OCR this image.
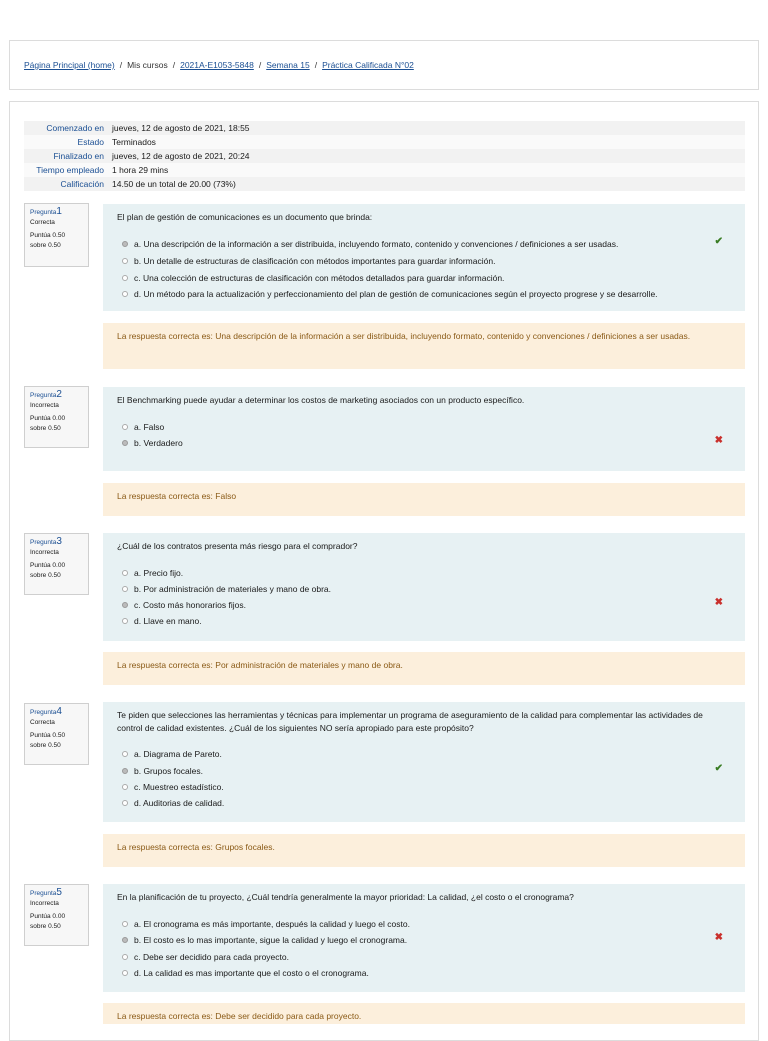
Página Principal (home) / Mis cursos / 2021A-E1053-5848 / Semana 15 / Práctica Calificada N°02
Comenzado en jueves, 12 de agosto de 2021, 18:55
Estado Terminados
Finalizado en jueves, 12 de agosto de 2021, 20:24
Tiempo empleado 1 hora 29 mins
Calificación 14.50 de un total de 20.00 (73%)
Pregunta1
Correcta
Puntúa 0.50
sobre 0.50
El plan de gestión de comunicaciones es un documento que brinda:
a. Una descripción de la información a ser distribuida, incluyendo formato, contenido y convenciones / definiciones a ser usadas.
b. Un detalle de estructuras de clasificación con métodos importantes para guardar información.
c. Una colección de estructuras de clasificación con métodos detallados para guardar información.
d. Un método para la actualización y perfeccionamiento del plan de gestión de comunicaciones según el proyecto progrese y se desarrolle.
✔
La respuesta correcta es: Una descripción de la información a ser distribuida, incluyendo formato, contenido y convenciones / definiciones a ser usadas.
Pregunta2
Incorrecta
Puntúa 0.00
sobre 0.50
El Benchmarking puede ayudar a determinar los costos de marketing asociados con un producto específico.
a. Falso
b. Verdadero	✖
La respuesta correcta es: Falso
Pregunta3
Incorrecta
Puntúa 0.00
sobre 0.50
¿Cuál de los contratos presenta más riesgo para el comprador?
a. Precio fijo.
b. Por administración de materiales y mano de obra.
c. Costo más honorarios fijos.
d. Llave en mano.
✖
La respuesta correcta es: Por administración de materiales y mano de obra.
Pregunta4
Correcta
Puntúa 0.50
sobre 0.50
Te piden que selecciones las herramientas y técnicas para implementar un programa de aseguramiento de la calidad para complementar las actividades de control de calidad existentes. ¿Cuál de los siguientes NO sería apropiado para este propósito?
a. Diagrama de Pareto.
b. Grupos focales.
c. Muestreo estadístico.
d. Auditorias de calidad.
✔
La respuesta correcta es: Grupos focales.
Pregunta5
Incorrecta
Puntúa 0.00
sobre 0.50
En la planificación de tu proyecto, ¿Cuál tendría generalmente la mayor prioridad: La calidad, ¿el costo o el cronograma?
a. El cronograma es más importante, después la calidad y luego el costo.
b. El costo es lo mas importante, sigue la calidad y luego el cronograma.
c. Debe ser decidido para cada proyecto.
d. La calidad es mas importante que el costo o el cronograma.
✖
La respuesta correcta es: Debe ser decidido para cada proyecto.
